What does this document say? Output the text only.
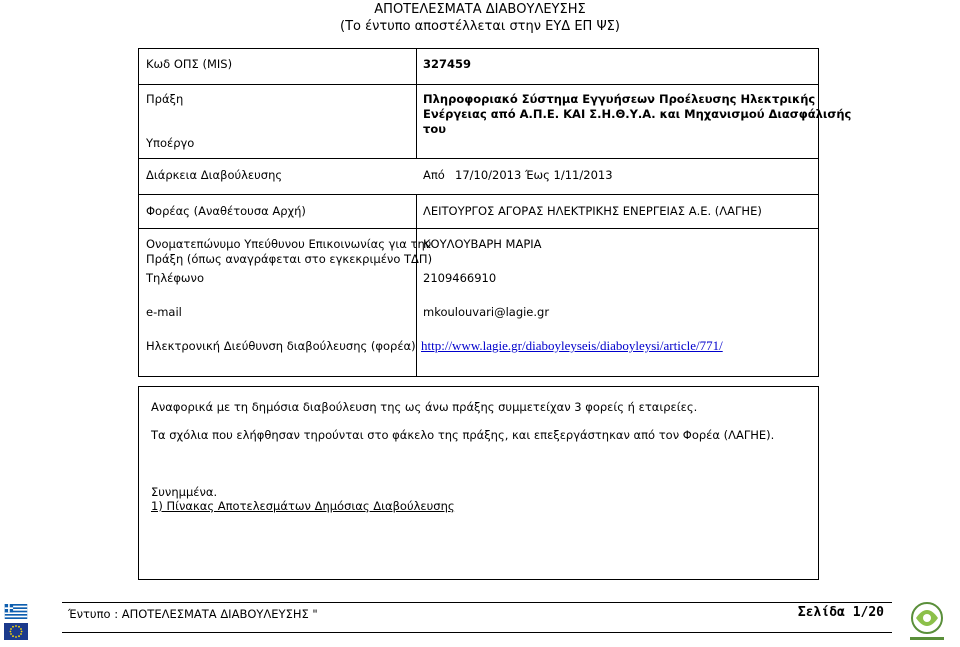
ΑΠΟΤΕΛΕΣΜΑΤΑ ΔΙΑΒΟΥΛΕΥΣΗΣ
(Το έντυπο αποστέλλεται στην ΕΥΔ ΕΠ ΨΣ)
Κωδ ΟΠΣ (MIS)	327459
Πράξη	Πληροφοριακό Σύστημα Εγγυήσεων Προέλευσης Ηλεκτρικής
Ενέργειας από Α.Π.Ε. ΚΑΙ Σ.Η.Θ.Υ.Α. και Μηχανισμού Διασφάλισής
του
Υποέργο
Διάρκεια Διαβούλευσης	Από 17/10/2013 Έως 1/11/2013
Φορέας (Αναθέτουσα Αρχή)	ΛΕΙΤΟΥΡΓΟΣ ΑΓΟΡΑΣ ΗΛΕΚΤΡΙΚΗΣ ΕΝΕΡΓΕΙΑΣ Α.Ε. (ΛΑΓΗΕ)
Ονοματεπώνυμο Υπεύθυνου Επικοινωνίας για την
Πράξη (όπως αναγράφεται στο εγκεκριμένο ΤΔΠ)
ΚΟΥΛΟΥΒΑΡΗ ΜΑΡΙΑ
Τηλέφωνο	2109466910
e-mail	mkoulouvari@lagie.gr
Ηλεκτρονική Διεύθυνση διαβούλευσης (φορέα) http://www.lagie.gr/diaboyleyseis/diaboyleysi/article/771/
Αναφορικά με τη δημόσια διαβούλευση της ως άνω πράξης συμμετείχαν 3 φορείς ή εταιρείες.
Τα σχόλια που ελήφθησαν τηρούνται στο φάκελο της πράξης, και επεξεργάστηκαν από τον Φορέα (ΛΑΓΗΕ).
Συνημμένα.
1) Πίνακας Αποτελεσμάτων Δημόσιας Διαβούλευσης
Έντυπο : ΑΠΟΤΕΛΕΣΜΑΤΑ ΔΙΑΒΟΥΛΕΥΣΗΣ "	Σελίδα 1/20
